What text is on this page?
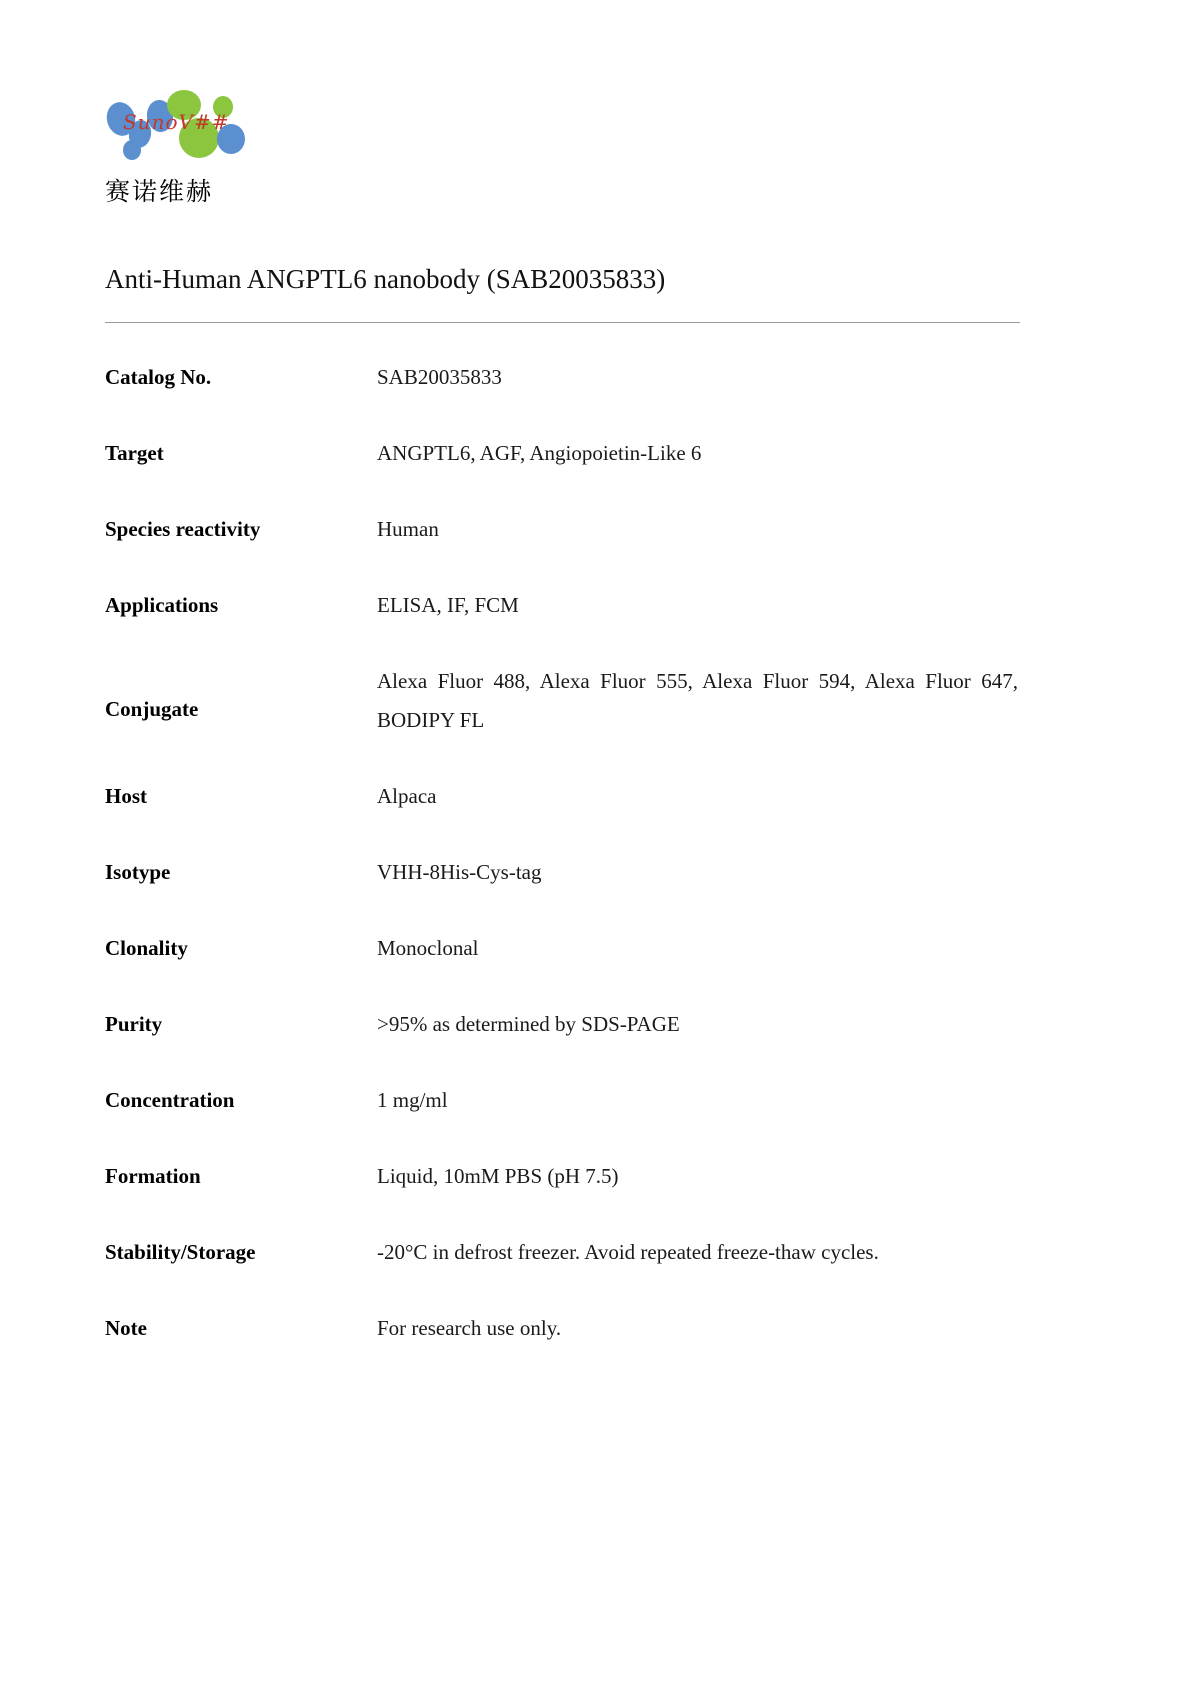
SunoV##
赛诺维赫
Anti-Human ANGPTL6 nanobody (SAB20035833)
Catalog No.	SAB20035833
Target	ANGPTL6, AGF, Angiopoietin-Like 6
Species reactivity	Human
Applications	ELISA, IF, FCM
Conjugate	Alexa Fluor 488, Alexa Fluor 555, Alexa Fluor 594, Alexa Fluor 647, BODIPY FL
Host	Alpaca
Isotype	VHH-8His-Cys-tag
Clonality	Monoclonal
Purity	>95% as determined by SDS-PAGE
Concentration	1 mg/ml
Formation	Liquid, 10mM PBS (pH 7.5)
Stability/Storage	-20°C in defrost freezer. Avoid repeated freeze-thaw cycles.
Note	For research use only.
